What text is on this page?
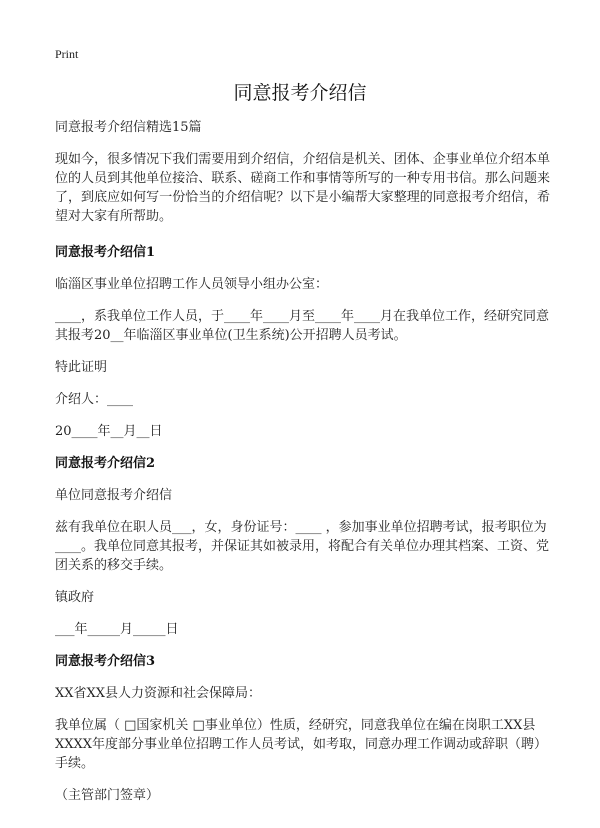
Print
同意报考介绍信

同意报考介绍信精选15篇

现如今，很多情况下我们需要用到介绍信，介绍信是机关、团体、企事业单位介绍本单位的人员到其他单位接洽、联系、磋商工作和事情等所写的一种专用书信。那么问题来了，到底应如何写一份恰当的介绍信呢？以下是小编帮大家整理的同意报考介绍信，希望对大家有所帮助。

同意报考介绍信1

临淄区事业单位招聘工作人员领导小组办公室：

____，系我单位工作人员，于____年____月至____年____月在我单位工作，经研究同意其报考20__年临淄区事业单位(卫生系统)公开招聘人员考试。

特此证明

介绍人：____

20____年__月__日

同意报考介绍信2

单位同意报考介绍信

兹有我单位在职人员___，女，身份证号：____ ，参加事业单位招聘考试，报考职位为 ____。我单位同意其报考，并保证其如被录用，将配合有关单位办理其档案、工资、党团关系的移交手续。

镇政府

___年_____月_____日

同意报考介绍信3

XX省XX县人力资源和社会保障局：

我单位属（ □国家机关 □事业单位）性质，经研究，同意我单位在编在岗职工XX县XXXX年度部分事业单位招聘工作人员考试，如考取，同意办理工作调动或辞职（聘）手续。

（主管部门签章）
